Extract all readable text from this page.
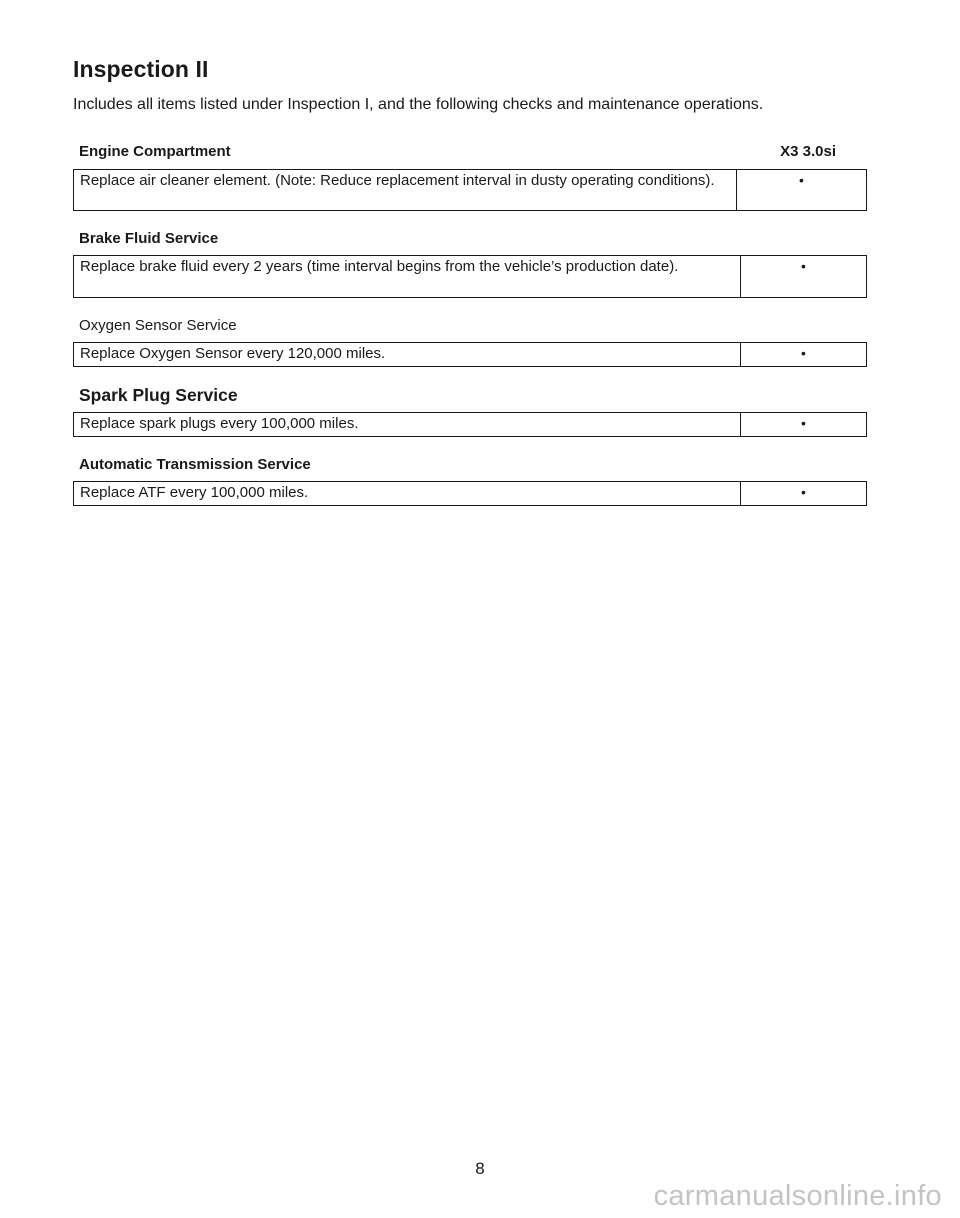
Inspection II
Includes all items listed under Inspection I, and the following checks and maintenance operations.
Engine Compartment	X3 3.0si
Replace air cleaner element. (Note: Reduce replacement interval in dusty operating conditions).	•
Brake Fluid Service
Replace brake fluid every 2 years (time interval begins from the vehicle’s production date).	•
Oxygen Sensor Service
Replace Oxygen Sensor every 120,000 miles.	•
Spark Plug Service
Replace spark plugs every 100,000 miles.	•
Automatic Transmission Service
Replace ATF every 100,000 miles.	•
8
carmanualsonline.info
